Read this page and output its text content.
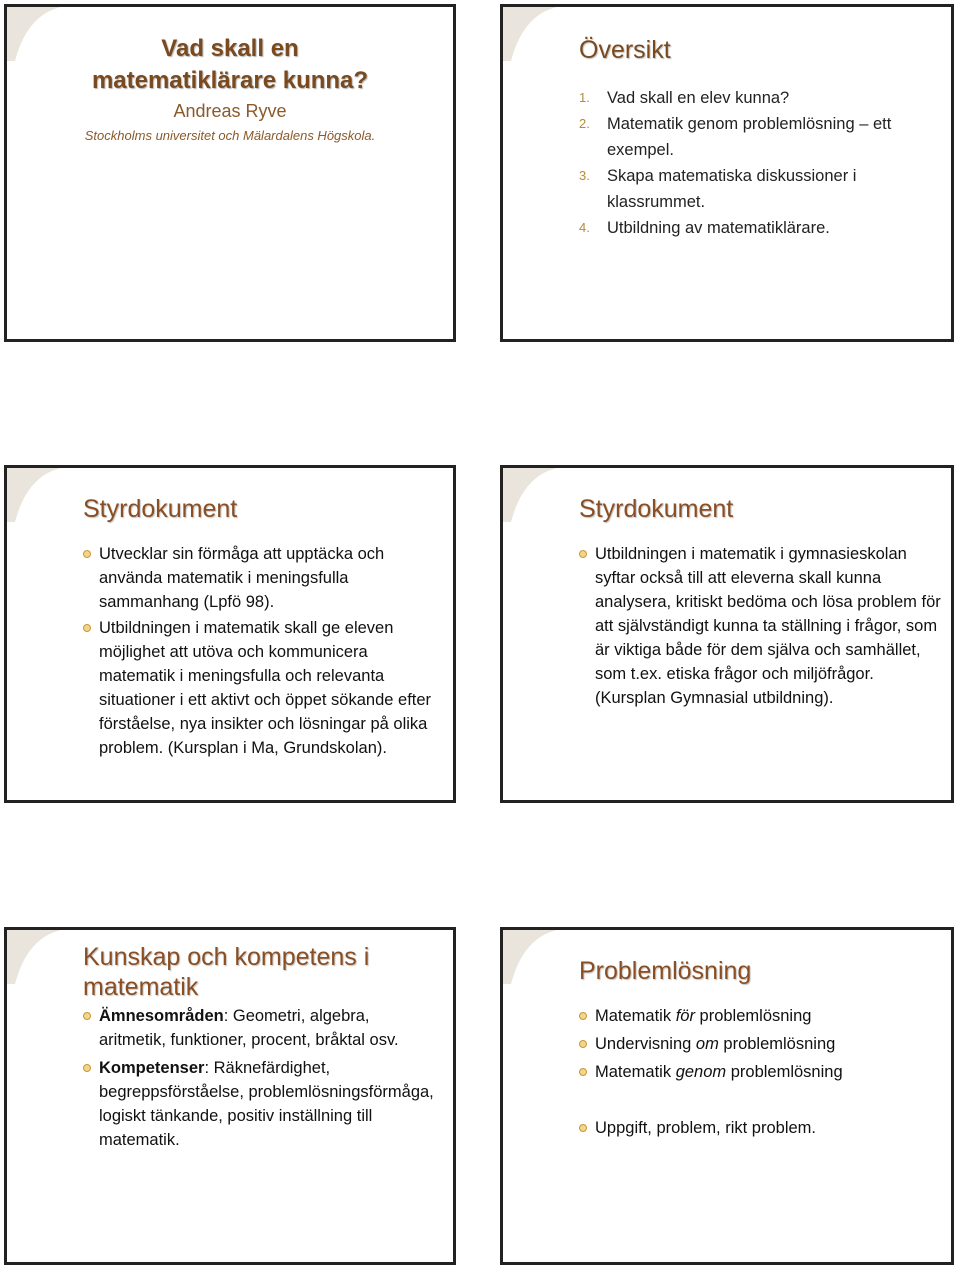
Vad skall en
matematiklärare kunna?
Andreas Ryve
Stockholms universitet och Mälardalens Högskola.
Översikt
1. Vad skall en elev kunna?
2. Matematik genom problemlösning – ett exempel.
3. Skapa matematiska diskussioner i klassrummet.
4. Utbildning av matematiklärare.
Styrdokument
Utvecklar sin förmåga att upptäcka och använda matematik i meningsfulla sammanhang (Lpfö 98).
Utbildningen i matematik skall ge eleven möjlighet att utöva och kommunicera matematik i meningsfulla och relevanta situationer i ett aktivt och öppet sökande efter förståelse, nya insikter och lösningar på olika problem. (Kursplan i Ma, Grundskolan).
Styrdokument
Utbildningen i matematik i gymnasieskolan syftar också till att eleverna skall kunna analysera, kritiskt bedöma och lösa problem för att självständigt kunna ta ställning i frågor, som är viktiga både för dem själva och samhället, som t.ex. etiska frågor och miljöfrågor. (Kursplan Gymnasial utbildning).
Kunskap och kompetens i matematik
Ämnesområden: Geometri, algebra, aritmetik, funktioner, procent, bråktal osv.
Kompetenser: Räknefärdighet, begreppsförståelse, problemlösningsförmåga, logiskt tänkande, positiv inställning till matematik.
Problemlösning
Matematik för problemlösning
Undervisning om problemlösning
Matematik genom problemlösning
Uppgift, problem, rikt problem.
